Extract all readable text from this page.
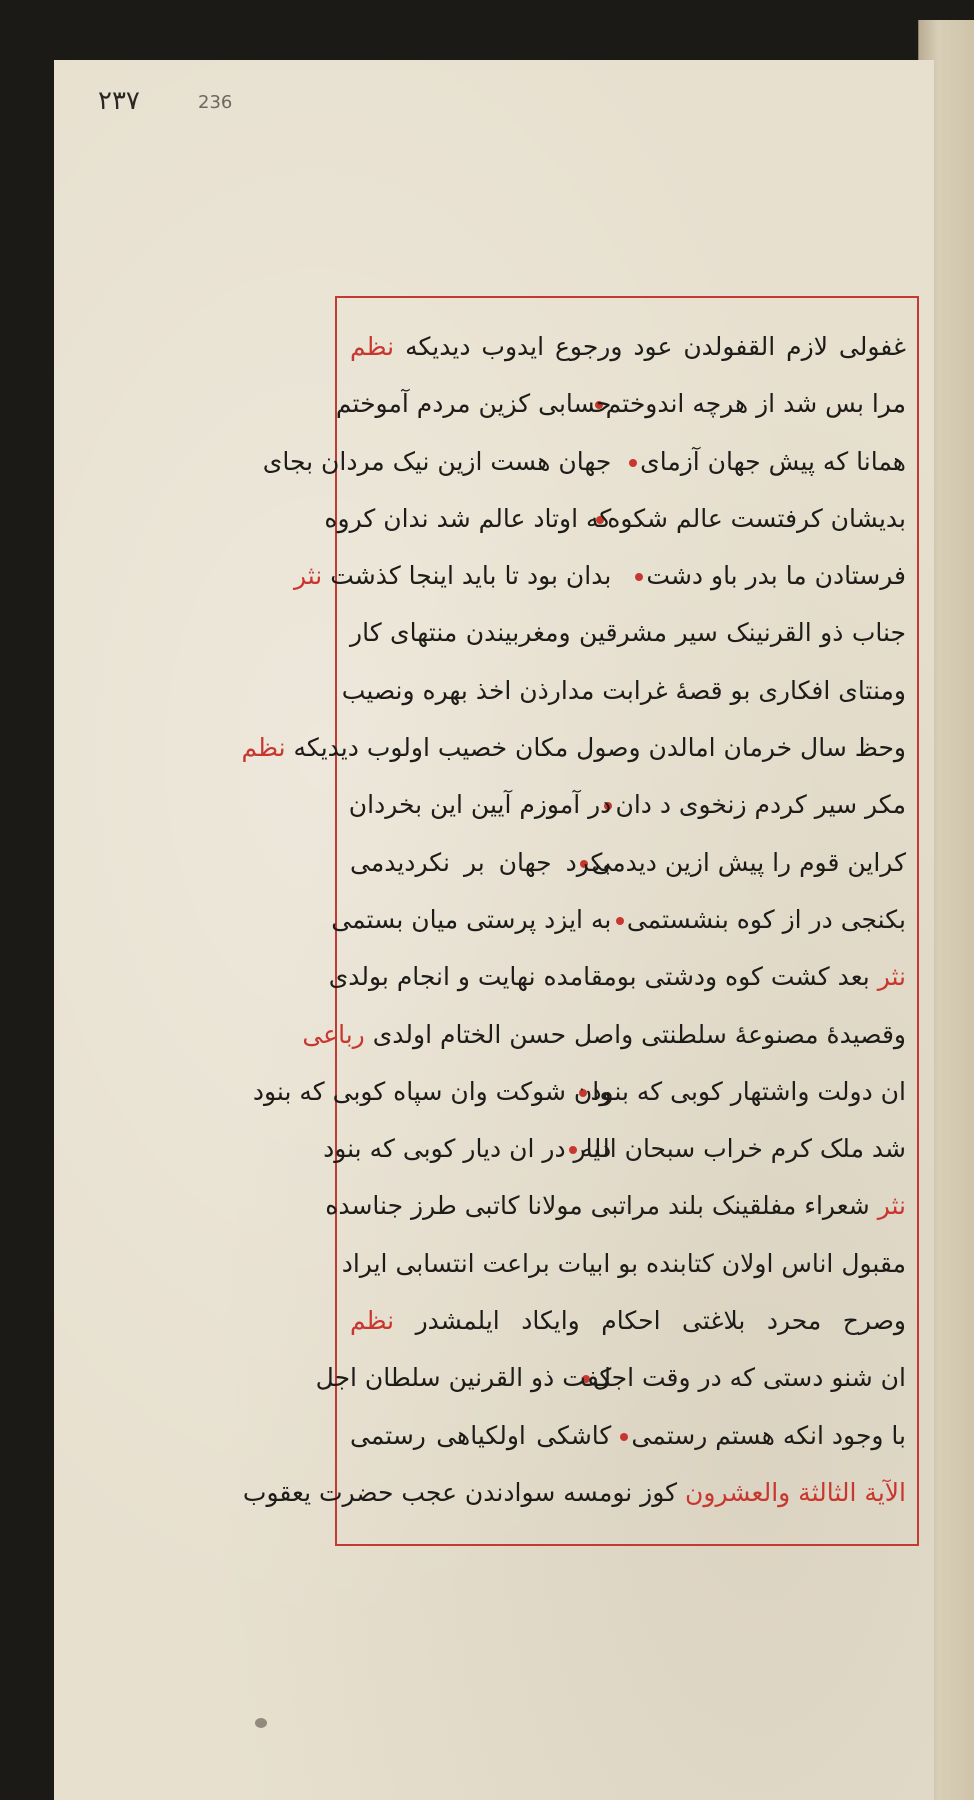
٢٣٧	236
غفولی لازم القفولدن عود ورجوع ایدوب دیدیکه نظم
مرا بس شد از هرچه اندوختم
حسابی کزین مردم آموختم
همانا که پیش جهان آزمای
جهان هست ازین نیک مردان بجای
بدیشان کرفتست عالم شکوه
که اوتاد عالم شد ندان کروه
فرستادن ما بدر باو دشت
بدان بود تا باید اینجا کذشت نثر
جناب ذو القرنینک سیر مشرقین ومغربیندن منتهای کار
ومنتای افکاری بو قصهٔ غرابت مدارذن اخذ بهره ونصیب
وحظ سال خرمان امالدن وصول مکان خصیب اولوب دیدیکه نظم
مکر سیر کردم زنخوی د دان
در آموزم آیین این بخردان
کراین قوم را پیش ازین دیدمی
بکرد جهان بر نکردیدمی
بکنجی در از کوه بنشستمی
به ایزد پرستی میان بستمی
نثر بعد کشت کوه ودشتی بومقامده نهایت و انجام بولدی
وقصیدهٔ مصنوعهٔ سلطنتی واصل حسن الختام اولدی رباعی
ان دولت واشتهار کوبی که بنود
وان شوکت وان سپاه کوبی که بنود
شد ملک کرم خراب سبحان الله
دیار در ان دیار کوبی که بنود
نثر شعراء مفلقینک بلند مراتبی مولانا کاتبی طرز جناسده
مقبول اناس اولان کتابنده بو ابیات براعت انتسابی ایراد
وصرح محرد بلاغتی احکام وایکاد ایلمشدر نظم
ان شنو دستی که در وقت اجل
کفت ذو القرنین سلطان اجل
با وجود انکه هستم رستمی
کاشکی اولکیاهی رستمی
الآیة الثالثة والعشرون کوز نومسه سوادندن عجب حضرت یعقوب
